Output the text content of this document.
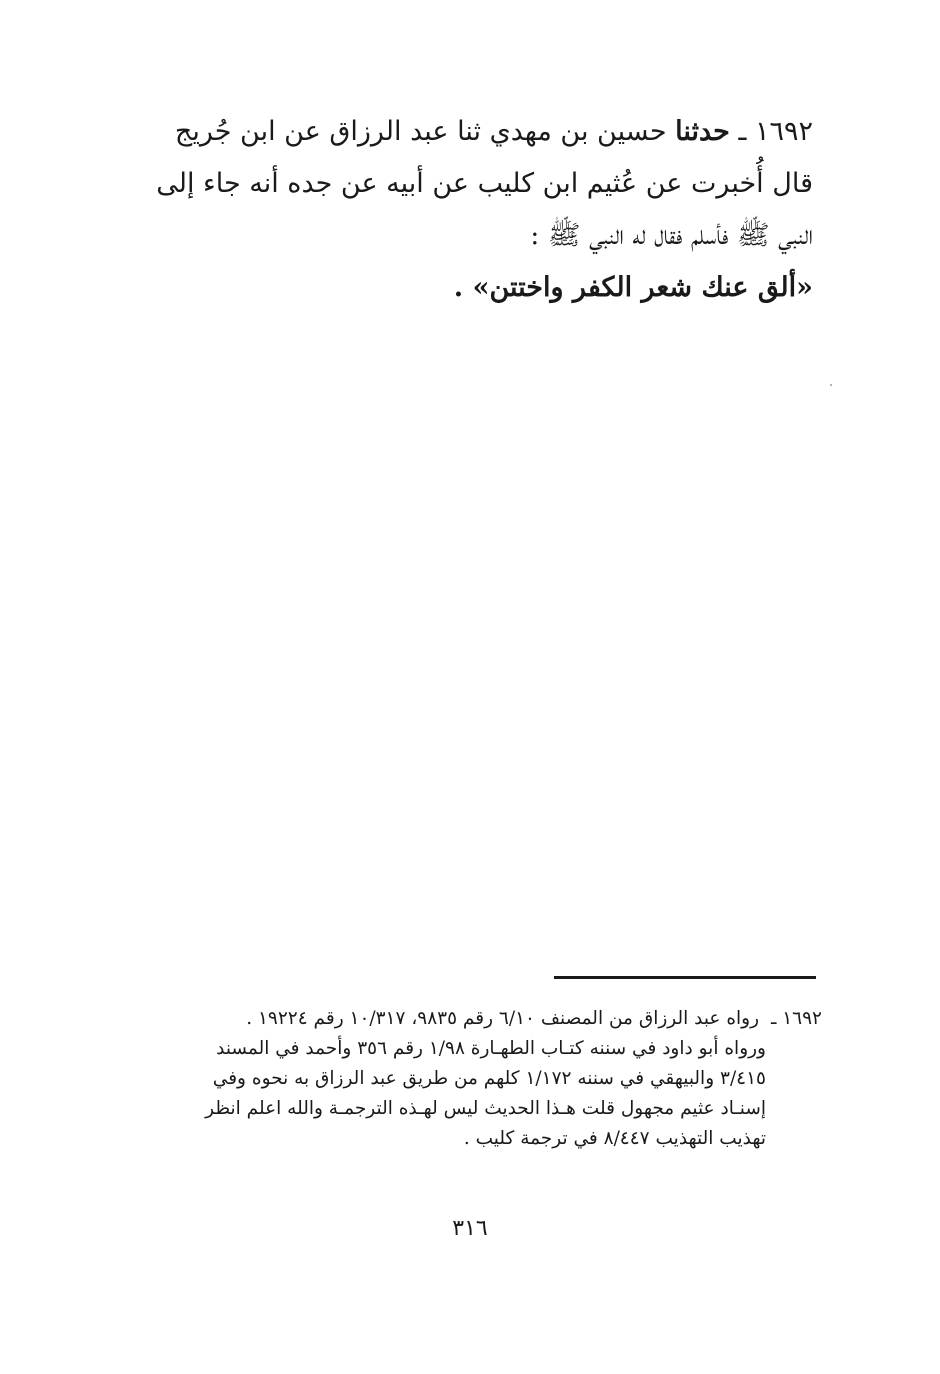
١٦٩٢ ـ حدثنا حسين بن مهدي ثنا عبد الرزاق عن ابن جُريج

قال أُخبرت عن عُثيم ابن كليب عن أبيه عن جده أنه جاء إلى

النبي ﷺ فأسلم فقال له النبي ﷺ :

«ألق عنك شعر الكفر واختتن» .

١٦٩٢ ـ رواه عبد الرزاق من المصنف ٦/١٠ رقم ٩٨٣٥، ١٠/٣١٧ رقم ١٩٢٢٤ .

ورواه أبو داود في سننه كتـاب الطهـارة ١/٩٨ رقم ٣٥٦ وأحمد في المسند

٣/٤١٥ والبيهقي في سننه ١/١٧٢ كلهم من طريق عبد الرزاق به نحوه وفي

إسنـاد عثيم مجهول قلت هـذا الحديث ليس لهـذه الترجمـة والله اعلم انظر

تهذيب التهذيب ٨/٤٤٧ في ترجمة كليب .

٣١٦
